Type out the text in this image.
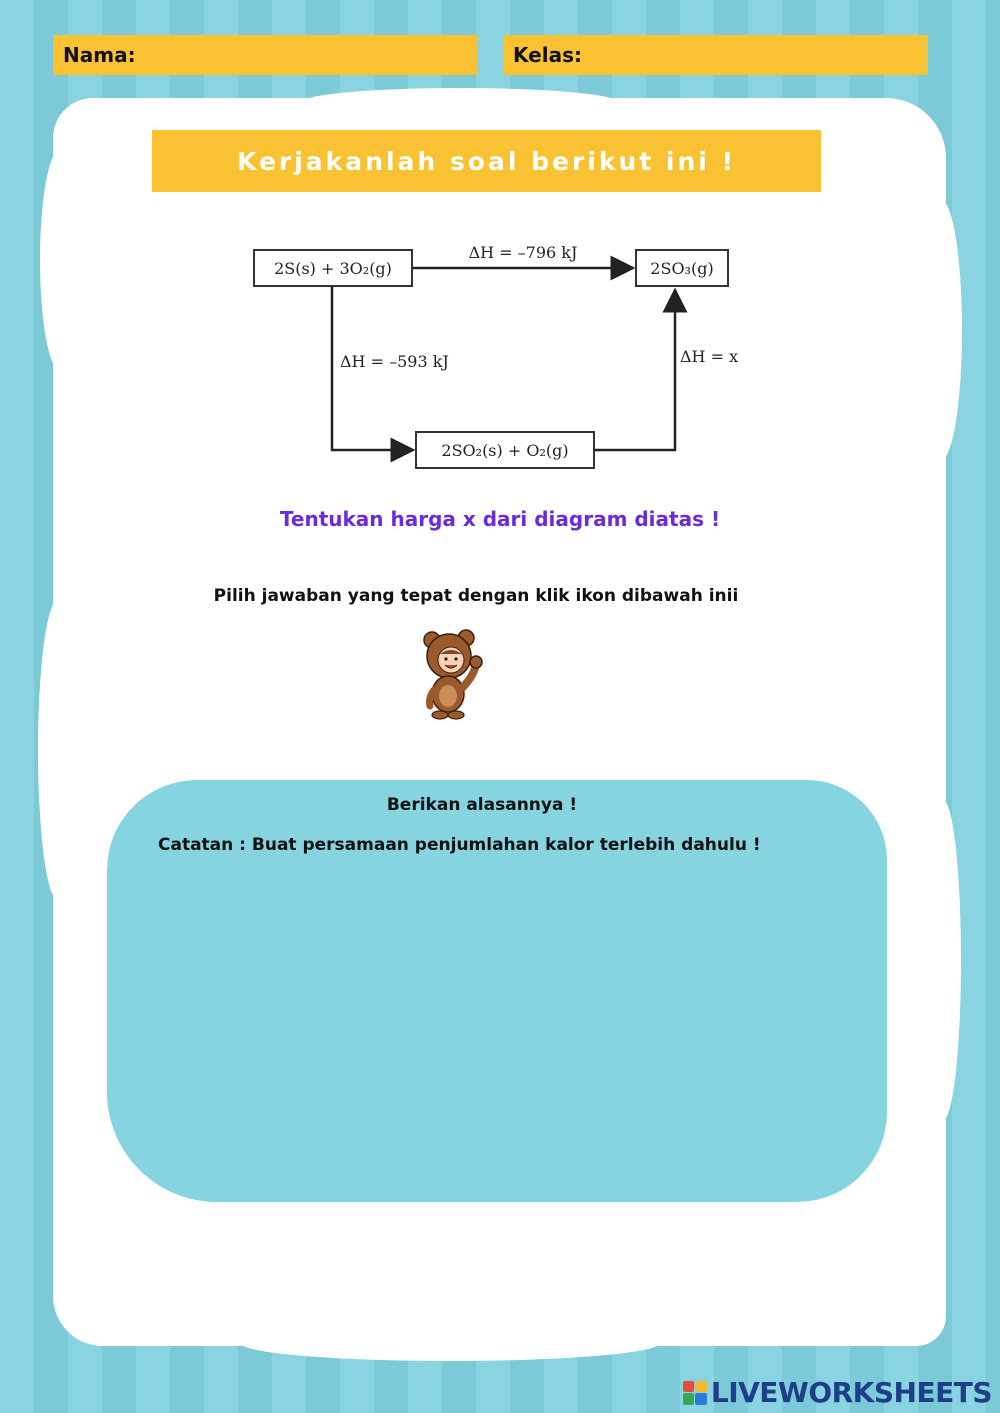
Nama:	Kelas:
Kerjakanlah soal berikut ini !
2S(s) + 3O₂(g)	2SO₃(g)
2SO₂(s) + O₂(g)
ΔH = –796 kJ
ΔH = –593 kJ	ΔH = x
Tentukan harga x dari diagram diatas !
Pilih jawaban yang tepat dengan klik ikon dibawah inii
Berikan alasannya !
Catatan : Buat persamaan penjumlahan kalor terlebih dahulu !
LIVEWORKSHEETS
